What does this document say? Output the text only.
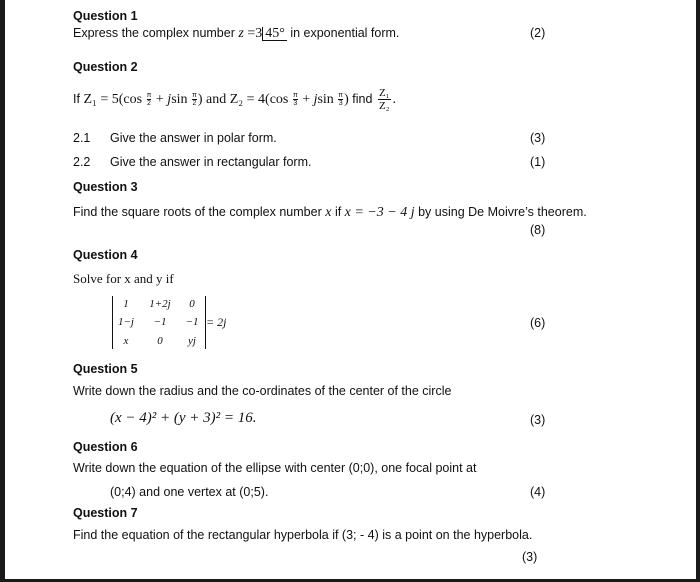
Question 1
Express the complex number z =3 45° in exponential form.	(2)
Question 2
If $Z_1 = 5(\cos \frac{\pi}{2} + jsin \frac{\pi}{2}$ ) and $Z_2 = 4(\cos \frac{\pi}{3} + jsin \frac{\pi}{3}$ ) find $\frac{\text{Z₁}}{\text{Z₂}}$ .
2.1 Give the answer in polar form.	(3)
2.2 Give the answer in rectangular form.	(1)
Question 3
Find the square roots of the complex number x if x = −3 − 4 j by using De Moivre’s theorem.
(8)
Question 4
Solve for x and y if
1	1+2j	0
1−j	−1	−1
x	0	yj
= 2j	(6)
Question 5
Write down the radius and the co-ordinates of the center of the circle
(x − 4)² + (y + 3)² = 16.	(3)
Question 6
Write down the equation of the ellipse with center (0;0), one focal point at
(0;4) and one vertex at (0;5).	(4)
Question 7
Find the equation of the rectangular hyperbola if (3; - 4) is a point on the hyperbola.
(3)
